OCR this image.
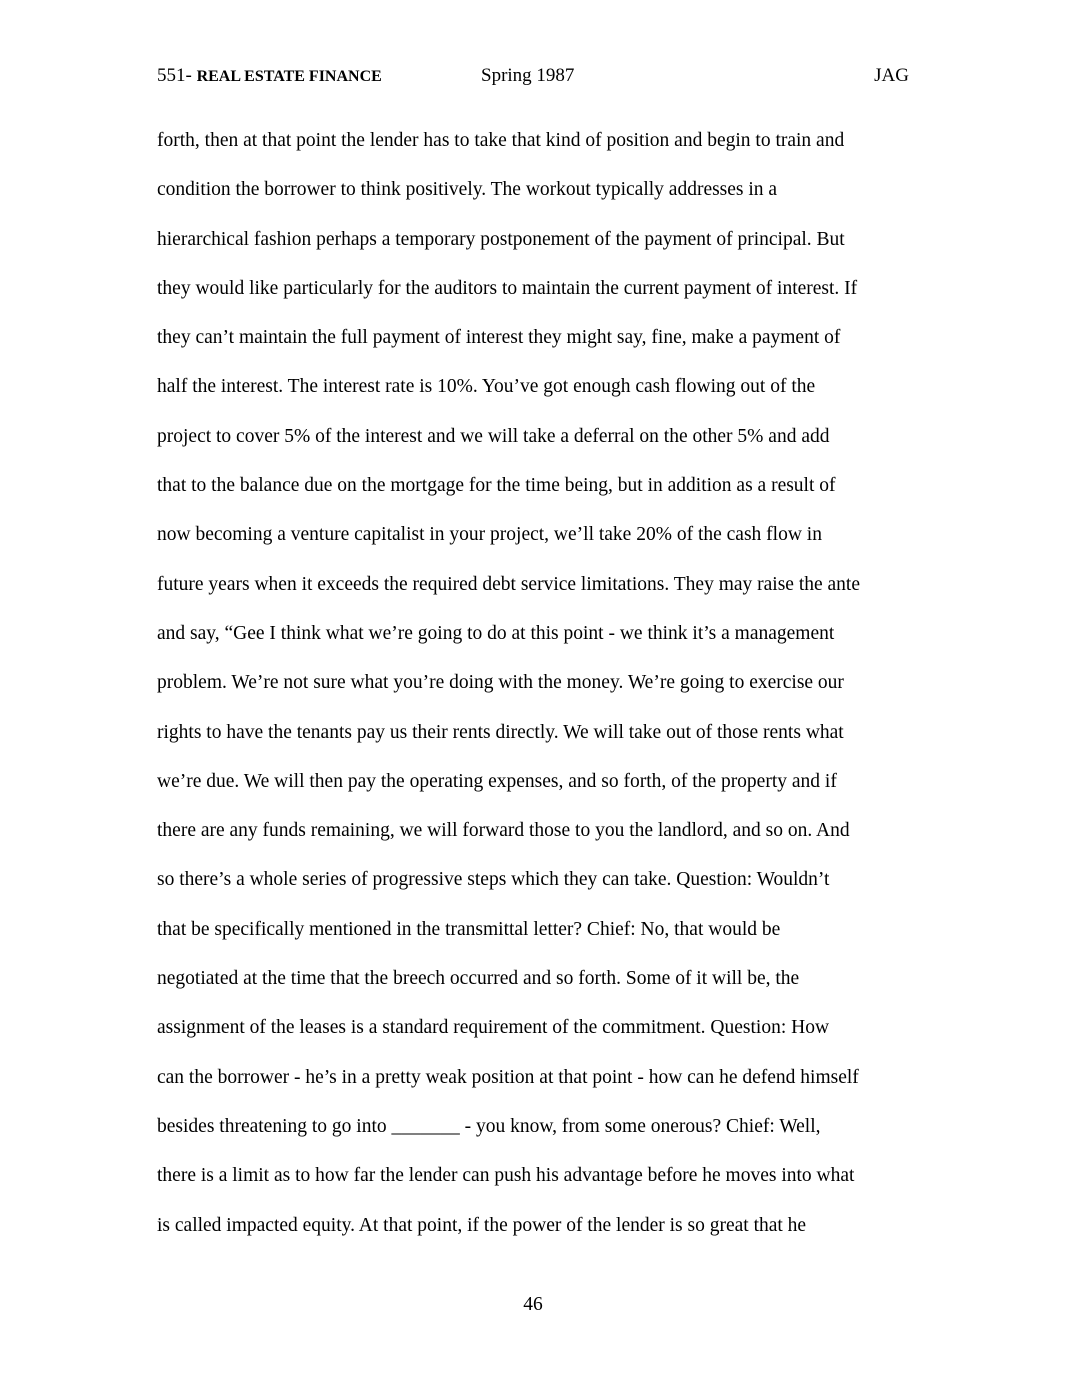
551- REAL ESTATE FINANCE	Spring 1987	JAG
forth, then at that point the lender has to take that kind of position and begin to train and
condition the borrower to think positively. The workout typically addresses in a
hierarchical fashion perhaps a temporary postponement of the payment of principal. But
they would like particularly for the auditors to maintain the current payment of interest. If
they can’t maintain the full payment of interest they might say, fine, make a payment of
half the interest. The interest rate is 10%. You’ve got enough cash flowing out of the
project to cover 5% of the interest and we will take a deferral on the other 5% and add
that to the balance due on the mortgage for the time being, but in addition as a result of
now becoming a venture capitalist in your project, we’ll take 20% of the cash flow in
future years when it exceeds the required debt service limitations. They may raise the ante
and say, “Gee I think what we’re going to do at this point - we think it’s a management
problem. We’re not sure what you’re doing with the money. We’re going to exercise our
rights to have the tenants pay us their rents directly. We will take out of those rents what
we’re due. We will then pay the operating expenses, and so forth, of the property and if
there are any funds remaining, we will forward those to you the landlord, and so on. And
so there’s a whole series of progressive steps which they can take. Question: Wouldn’t
that be specifically mentioned in the transmittal letter? Chief: No, that would be
negotiated at the time that the breech occurred and so forth. Some of it will be, the
assignment of the leases is a standard requirement of the commitment. Question: How
can the borrower - he’s in a pretty weak position at that point - how can he defend himself
besides threatening to go into _______ - you know, from some onerous? Chief: Well,
there is a limit as to how far the lender can push his advantage before he moves into what
is called impacted equity. At that point, if the power of the lender is so great that he
46
